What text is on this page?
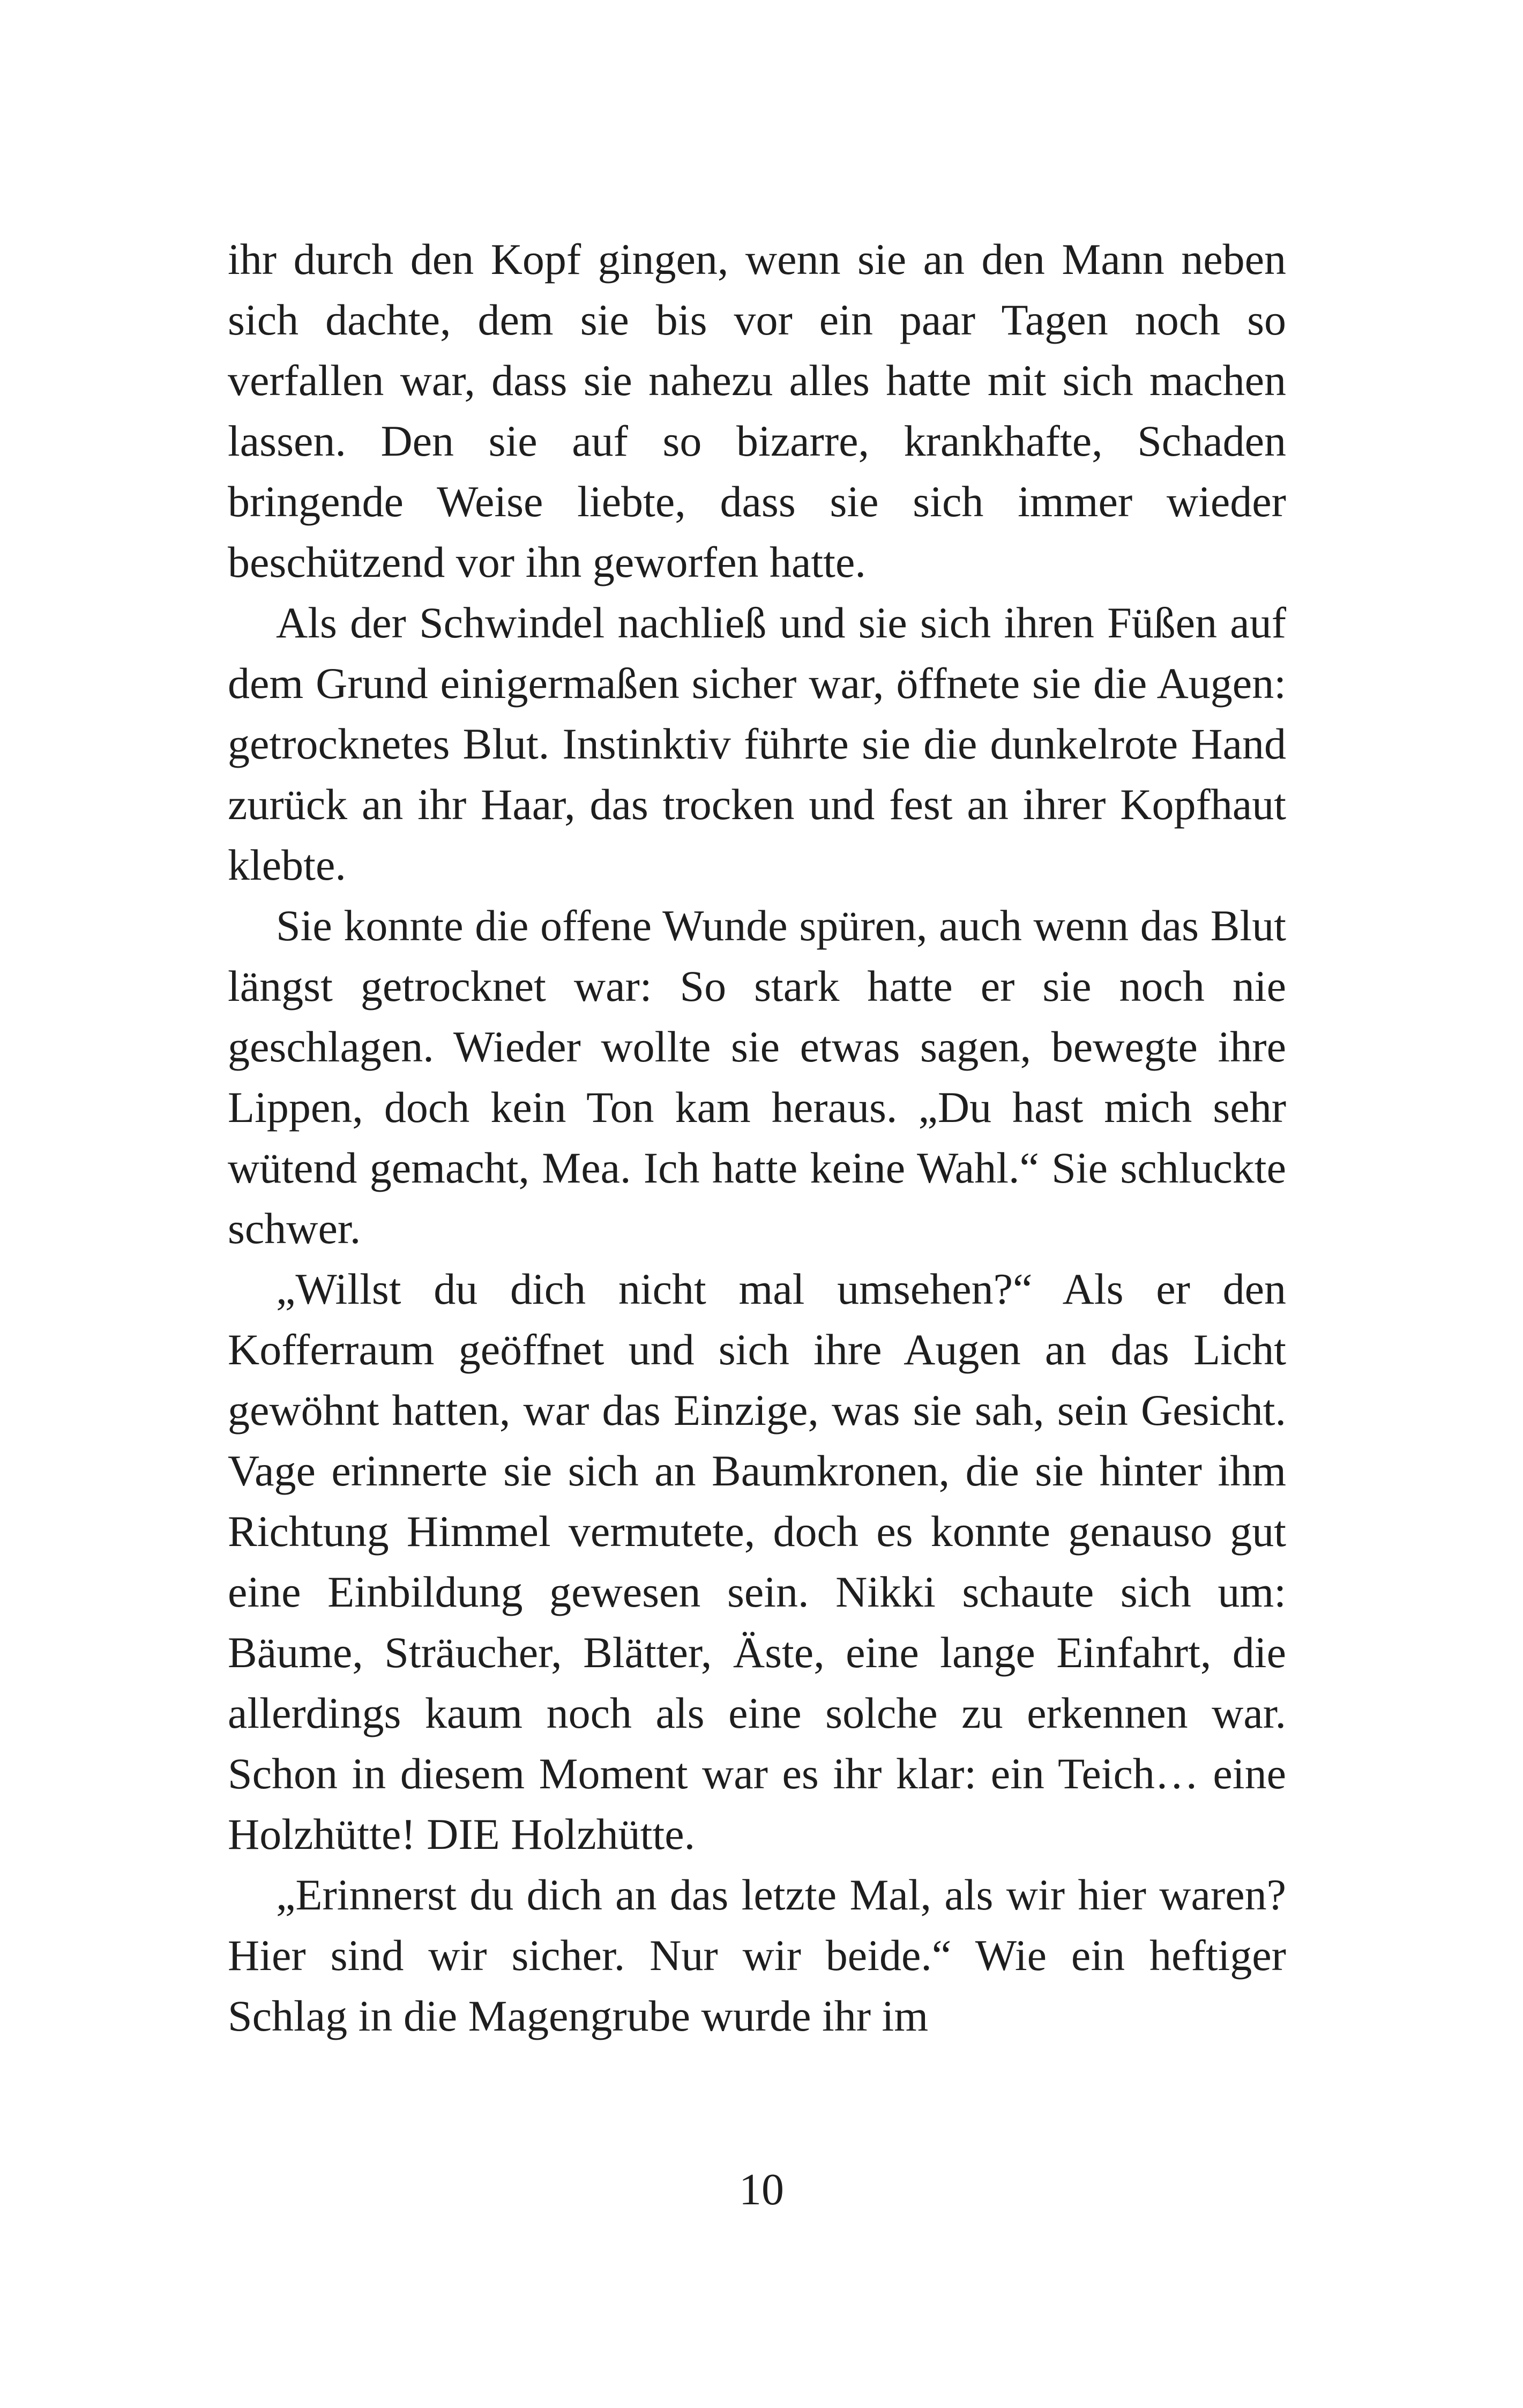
ihr durch den Kopf gingen, wenn sie an den Mann neben sich dachte, dem sie bis vor ein paar Tagen noch so verfallen war, dass sie nahezu alles hatte mit sich machen lassen. Den sie auf so bizarre, krankhafte, Schaden bringende Weise liebte, dass sie sich immer wieder beschützend vor ihn geworfen hatte.

Als der Schwindel nachließ und sie sich ihren Füßen auf dem Grund einigermaßen sicher war, öffnete sie die Augen: getrocknetes Blut. Instinktiv führte sie die dunkelrote Hand zurück an ihr Haar, das trocken und fest an ihrer Kopfhaut klebte.

Sie konnte die offene Wunde spüren, auch wenn das Blut längst getrocknet war: So stark hatte er sie noch nie geschlagen. Wieder wollte sie etwas sagen, bewegte ihre Lippen, doch kein Ton kam heraus. „Du hast mich sehr wütend gemacht, Mea. Ich hatte keine Wahl.“ Sie schluckte schwer.

„Willst du dich nicht mal umsehen?“ Als er den Kofferraum geöffnet und sich ihre Augen an das Licht gewöhnt hatten, war das Einzige, was sie sah, sein Gesicht. Vage erinnerte sie sich an Baumkronen, die sie hinter ihm Richtung Himmel vermutete, doch es konnte genauso gut eine Einbildung gewesen sein. Nikki schaute sich um: Bäume, Sträucher, Blätter, Äste, eine lange Einfahrt, die allerdings kaum noch als eine solche zu erkennen war. Schon in diesem Moment war es ihr klar: ein Teich… eine Holzhütte! DIE Holzhütte.

„Erinnerst du dich an das letzte Mal, als wir hier waren? Hier sind wir sicher. Nur wir beide.“ Wie ein heftiger Schlag in die Magengrube wurde ihr im

10
